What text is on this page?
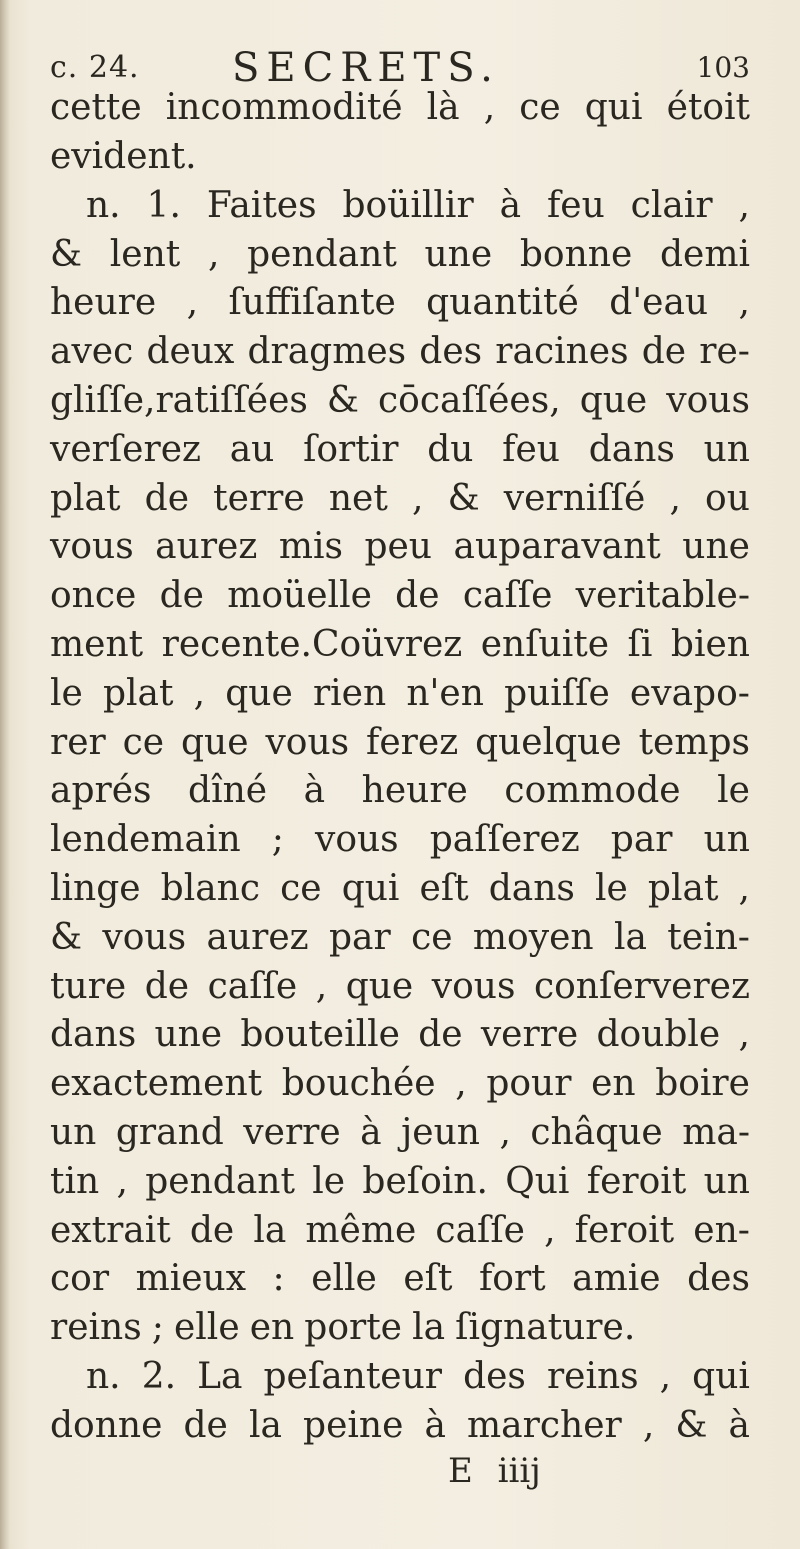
c. 24. SECRETS.	103
cette incommodité là , ce qui étoit
evident.
n. 1. Faites boüillir à feu clair ,
& lent , pendant une bonne demi
heure , ſuffiſante quantité d'eau ,
avec deux dragmes des racines de re-
gliſſe,ratiſſées & cōcaſſées, que vous
verſerez au ſortir du feu dans un
plat de terre net , & verniſſé , ou
vous aurez mis peu auparavant une
once de moüelle de caſſe veritable-
ment recente.Coüvrez enſuite ſi bien
le plat , que rien n'en puiſſe evapo-
rer ce que vous ferez quelque temps
aprés dîné à heure commode le
lendemain ; vous paſſerez par un
linge blanc ce qui eſt dans le plat ,
& vous aurez par ce moyen la tein-
ture de caſſe , que vous conſerverez
dans une bouteille de verre double ,
exactement bouchée , pour en boire
un grand verre à jeun , châque ma-
tin , pendant le beſoin. Qui feroit un
extrait de la même caſſe , feroit en-
cor mieux : elle eſt fort amie des
reins ; elle en porte la ſignature.
n. 2. La peſanteur des reins , qui
donne de la peine à marcher , & à
E iiij
